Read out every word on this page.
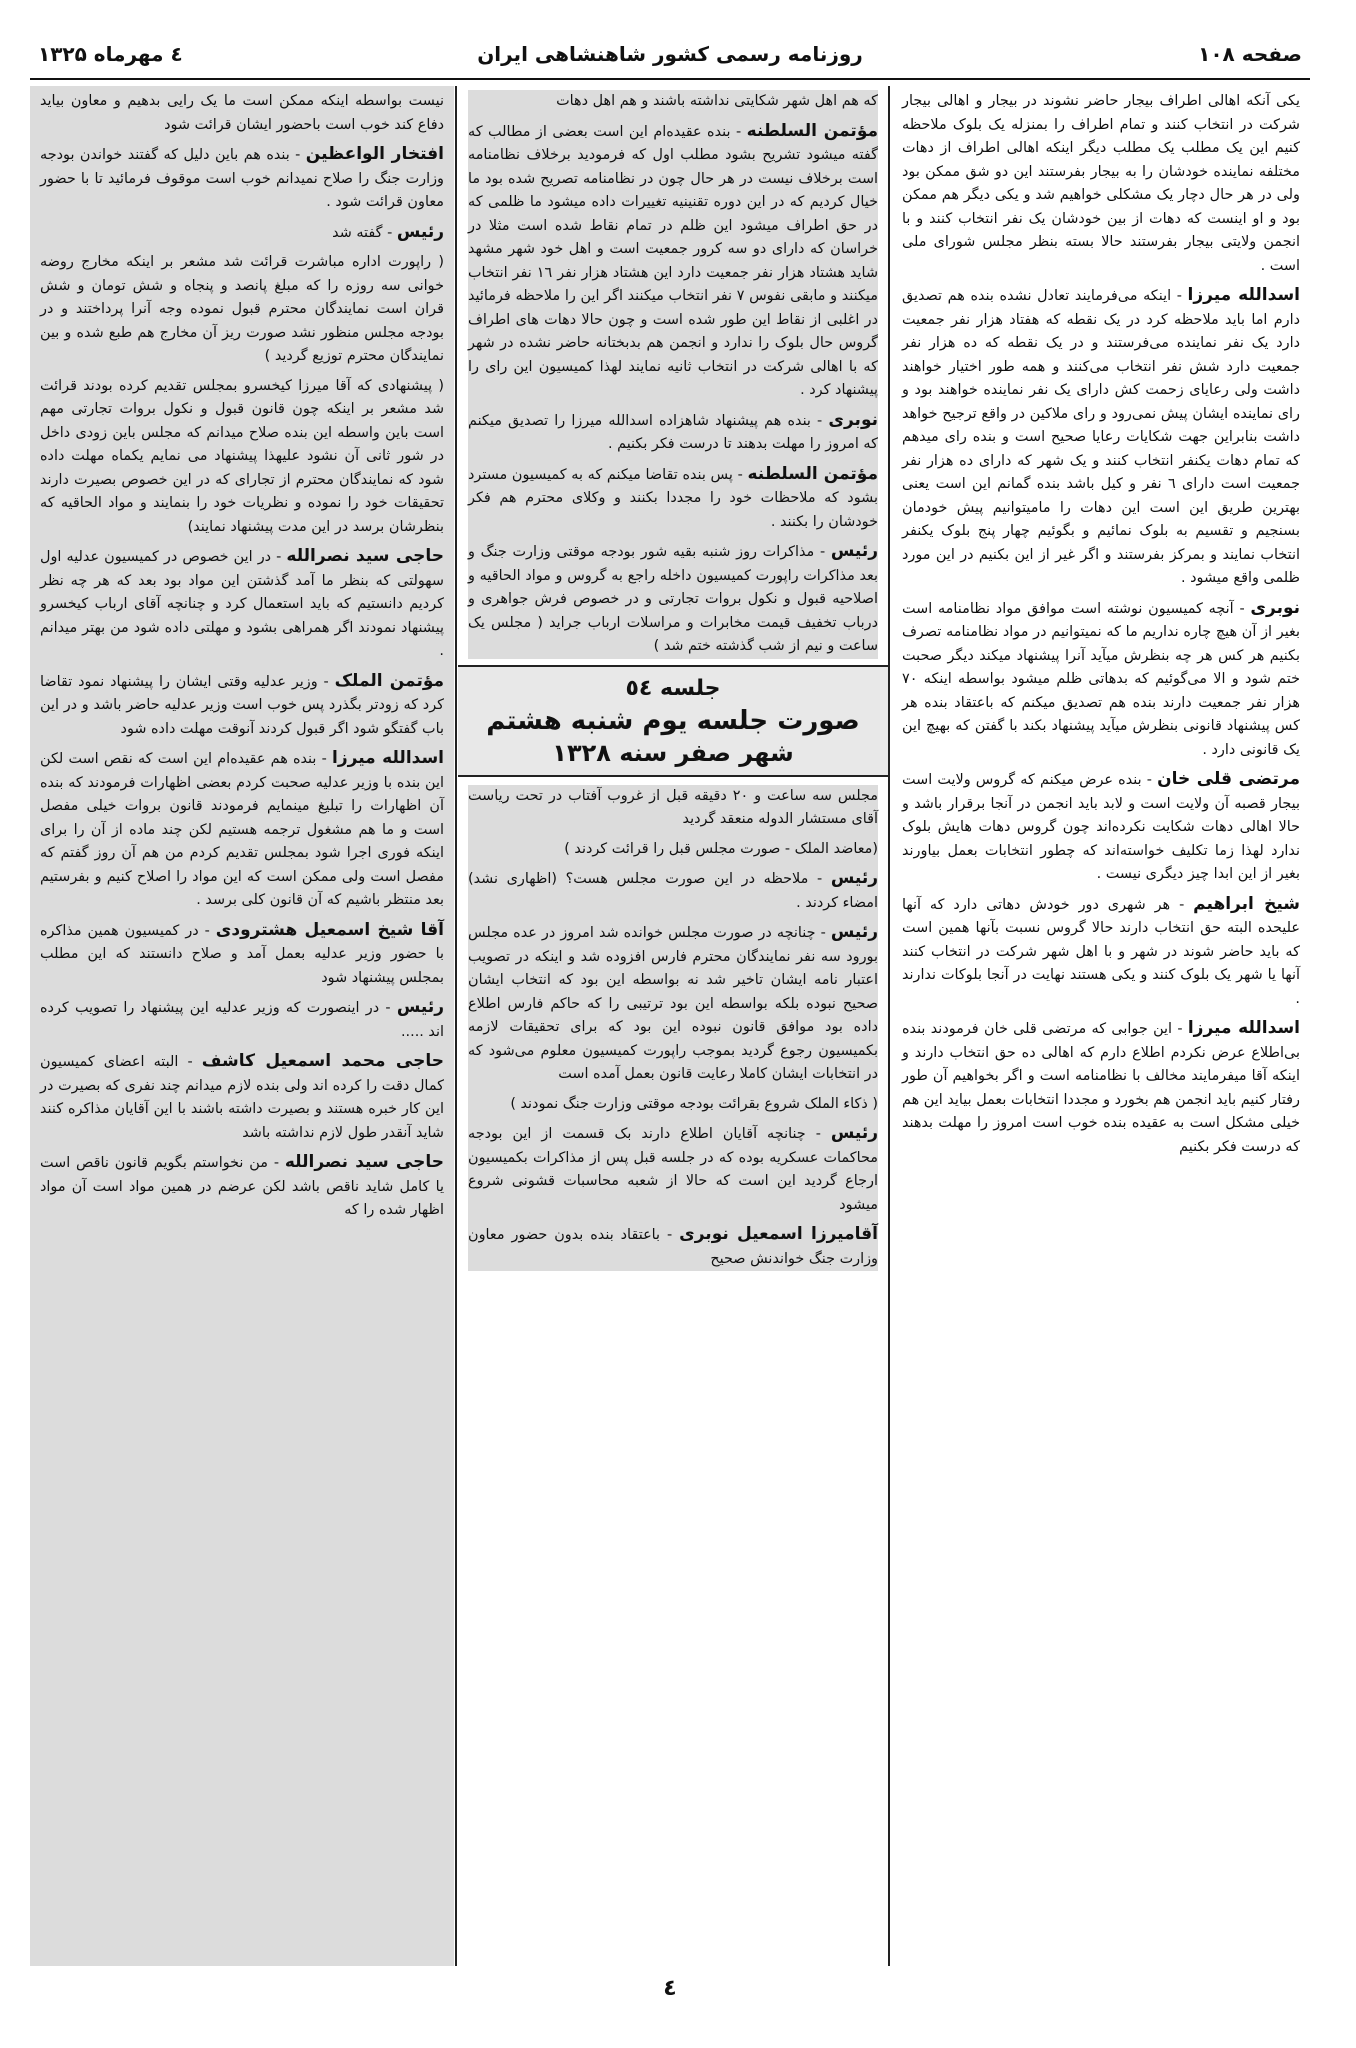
صفحه ۱۰۸
روزنامه رسمی کشور شاهنشاهی ایران
٤ مهرماه ۱۳۲۵

یکی آنکه اهالی اطراف بیجار حاضر نشوند در بیجار و اهالی بیجار شرکت در انتخاب کنند و تمام اطراف را بمنزله یک بلوک ملاحظه کنیم این یک مطلب یک مطلب دیگر اینکه اهالی اطراف از دهات مختلفه نماینده خودشان را به بیجار بفرستند این دو شق ممکن بود ولی در هر حال دچار یک مشکلی خواهیم شد و یکی دیگر هم ممکن بود و او اینست که دهات از بین خودشان یک نفر انتخاب کنند و با انجمن ولایتی بیجار بفرستند حالا بسته بنظر مجلس شورای ملی است .

اسدالله میرزا - اینکه می‌فرمایند تعادل نشده بنده هم تصدیق دارم اما باید ملاحظه کرد در یک نقطه که هفتاد هزار نفر جمعیت دارد یک نفر نماینده می‌فرستند و در یک نقطه که ده هزار نفر جمعیت دارد شش نفر انتخاب می‌کنند و همه طور اختیار خواهند داشت ولی رعایای زحمت کش دارای یک نفر نماینده خواهند بود و رای نماینده ایشان پیش نمی‌رود و رای ملاکین در واقع ترجیح خواهد داشت بنابراین جهت شکایات رعایا صحیح است و بنده رای میدهم که تمام دهات یکنفر انتخاب کنند و یک شهر که دارای ده هزار نفر جمعیت است دارای ٦ نفر و کیل باشد بنده گمانم این است یعنی بهترین طریق این است این دهات را مامیتوانیم پیش خودمان بسنجیم و تقسیم به بلوک نمائیم و بگوئیم چهار پنج بلوک یکنفر انتخاب نمایند و بمرکز بفرستند و اگر غیر از این بکنیم در این مورد ظلمی واقع میشود .

نوبری - آنچه کمیسیون نوشته است موافق مواد نظامنامه است بغیر از آن هیچ چاره نداریم ما که نمیتوانیم در مواد نظامنامه تصرف بکنیم هر کس هر چه بنظرش میآید آنرا پیشنهاد میکند دیگر صحبت ختم شود و الا می‌گوئیم که بدهاتی ظلم میشود بواسطه اینکه ۷۰ هزار نفر جمعیت دارند بنده هم تصدیق میکنم که باعتقاد بنده هر کس پیشنهاد قانونی بنظرش میآید پیشنهاد بکند با گفتن که بهیچ این یک قانونی دارد .

مرتضی قلی خان - بنده عرض میکنم که گروس ولایت است بیجار قصبه آن ولایت است و لابد باید انجمن در آنجا برقرار باشد و حالا اهالی دهات شکایت نکرده‌اند چون گروس دهات هایش بلوک ندارد لهذا زما تکلیف خواسته‌اند که چطور انتخابات بعمل بیاورند بغیر از این ابدا چیز دیگری نیست .

شیخ ابراهیم - هر شهری دور خودش دهاتی دارد که آنها علیحده البته حق انتخاب دارند حالا گروس نسبت بآنها همین است که باید حاضر شوند در شهر و با اهل شهر شرکت در انتخاب کنند آنها یا شهر یک بلوک کنند و یکی هستند نهایت در آنجا بلوکات ندارند .

اسدالله میرزا - این جوابی که مرتضی قلی خان فرمودند بنده بی‌اطلاع عرض نکردم اطلاع دارم که اهالی ده حق انتخاب دارند و اینکه آقا میفرمایند مخالف با نظامنامه است و اگر بخواهیم آن طور رفتار کنیم باید انجمن هم بخورد و مجددا انتخابات بعمل بیاید این هم خیلی مشکل است به عقیده بنده خوب است امروز را مهلت بدهند که درست فکر بکنیم

که هم اهل شهر شکایتی نداشته باشند و هم اهل دهات

مؤتمن السلطنه - بنده عقیده‌ام این است بعضی از مطالب که گفته میشود تشریح بشود مطلب اول که فرمودید برخلاف نظامنامه است برخلاف نیست در هر حال چون در نظامنامه تصریح شده بود ما خیال کردیم که در این دوره تقنینیه تغییرات داده میشود ما ظلمی که در حق اطراف میشود این ظلم در تمام نقاط شده است مثلا در خراسان که دارای دو سه کرور جمعیت است و اهل خود شهر مشهد شاید هشتاد هزار نفر جمعیت دارد این هشتاد هزار نفر ۱٦ نفر انتخاب میکنند و مابقی نفوس ۷ نفر انتخاب میکنند اگر این را ملاحظه فرمائید در اغلبی از نقاط این طور شده است و چون حالا دهات های اطراف گروس حال بلوک را ندارد و انجمن هم بدبختانه حاضر نشده در شهر که با اهالی شرکت در انتخاب ثانیه نمایند لهذا کمیسیون این رای را پیشنهاد کرد .

نوبری - بنده هم پیشنهاد شاهزاده اسدالله میرزا را تصدیق میکنم که امروز را مهلت بدهند تا درست فکر بکنیم .

مؤتمن السلطنه - پس بنده تقاضا میکنم که به کمیسیون مسترد بشود که ملاحظات خود را مجددا بکنند و وکلای محترم هم فکر خودشان را بکنند .

رئیس - مذاکرات روز شنبه بقیه شور بودجه موقتی وزارت جنگ و بعد مذاکرات راپورت کمیسیون داخله راجع به گروس و مواد الحاقیه و اصلاحیه قبول و نکول بروات تجارتی و در خصوص فرش جواهری و درباب تخفیف قیمت مخابرات و مراسلات ارباب جراید ( مجلس یک ساعت و نیم از شب گذشته ختم شد )

جلسه ٥٤
صورت جلسه یوم شنبه هشتم
شهر صفر سنه ۱۳۲۸

مجلس سه ساعت و ۲۰ دقیقه قبل از غروب آفتاب در تحت ریاست آقای مستشار الدوله منعقد گردید

(معاضد الملک - صورت مجلس قبل را قرائت کردند )

رئیس - ملاحظه در این صورت مجلس هست؟ (اظهاری نشد) امضاء کردند .

رئیس - چنانچه در صورت مجلس خوانده شد امروز در عده مجلس بورود سه نفر نمایندگان محترم فارس افزوده شد و اینکه در تصویب اعتبار نامه ایشان تاخیر شد نه بواسطه این بود که انتخاب ایشان صحیح نبوده بلکه بواسطه این بود ترتیبی را که حاکم فارس اطلاع داده بود موافق قانون نبوده این بود که برای تحقیقات لازمه بکمیسیون رجوع گردید بموجب راپورت کمیسیون معلوم می‌شود که در انتخابات ایشان کاملا رعایت قانون بعمل آمده است

( ذکاء الملک شروع بقرائت بودجه موقتی وزارت جنگ نمودند )

رئیس - چنانچه آقایان اطلاع دارند بک قسمت از این بودجه محاکمات عسکریه بوده که در جلسه قبل پس از مذاکرات بکمیسیون ارجاع گردید این است که حالا از شعبه محاسبات قشونی شروع میشود

آقامیرزا اسمعیل نوبری - باعتقاد بنده بدون حضور معاون وزارت جنگ خواندنش صحیح

نیست بواسطه اینکه ممکن است ما یک رایی بدهیم و معاون بیاید دفاع کند خوب است باحضور ایشان قرائت شود

افتخار الواعظین - بنده هم باین دلیل که گفتند خواندن بودجه وزارت جنگ را صلاح نمیدانم خوب است موقوف فرمائید تا با حضور معاون قرائت شود .

رئیس - گفته شد

( راپورت اداره مباشرت قرائت شد مشعر بر اینکه مخارج روضه خوانی سه روزه را که مبلغ پانصد و پنجاه و شش تومان و شش قران است نمایندگان محترم قبول نموده وجه آنرا پرداختند و در بودجه مجلس منظور نشد صورت ریز آن مخارج هم طبع شده و بین نمایندگان محترم توزیع گردید )

( پیشنهادی که آقا میرزا کیخسرو بمجلس تقدیم کرده بودند قرائت شد مشعر بر اینکه چون قانون قبول و نکول بروات تجارتی مهم است باین واسطه این بنده صلاح میدانم که مجلس باین زودی داخل در شور ثانی آن نشود علیهذا پیشنهاد می نمایم یکماه مهلت داده شود که نمایندگان محترم از تجارای که در این خصوص بصیرت دارند تحقیقات خود را نموده و نظریات خود را بنمایند و مواد الحاقیه که بنظرشان برسد در این مدت پیشنهاد نمایند)

حاجی سید نصرالله - در این خصوص در کمیسیون عدلیه اول سهولتی که بنظر ما آمد گذشتن این مواد بود بعد که هر چه نظر کردیم دانستیم که باید استعمال کرد و چنانچه آقای ارباب کیخسرو پیشنهاد نمودند اگر همراهی بشود و مهلتی داده شود من بهتر میدانم .

مؤتمن الملک - وزیر عدلیه وقتی ایشان را پیشنهاد نمود تقاضا کرد که زودتر بگذرد پس خوب است وزیر عدلیه حاضر باشد و در این باب گفتگو شود اگر قبول کردند آنوقت مهلت داده شود

اسدالله میرزا - بنده هم عقیده‌ام این است که نقص است لکن این بنده با وزیر عدلیه صحبت کردم بعضی اظهارات فرمودند که بنده آن اظهارات را تبلیغ مینمایم فرمودند قانون بروات خیلی مفصل است و ما هم مشغول ترجمه هستیم لکن چند ماده از آن را برای اینکه فوری اجرا شود بمجلس تقدیم کردم من هم آن روز گفتم که مفصل است ولی ممکن است که این مواد را اصلاح کنیم و بفرستیم بعد منتظر باشیم که آن قانون کلی برسد .

آقا شیخ اسمعیل هشترودی - در کمیسیون همین مذاکره با حضور وزیر عدلیه بعمل آمد و صلاح دانستند که این مطلب بمجلس پیشنهاد شود

رئیس - در اینصورت که وزیر عدلیه این پیشنهاد را تصویب کرده اند .....

حاجی محمد اسمعیل کاشف - البته اعضای کمیسیون کمال دقت را کرده اند ولی بنده لازم میدانم چند نفری که بصیرت در این کار خبره هستند و بصیرت داشته باشند با این آقایان مذاکره کنند شاید آنقدر طول لازم نداشته باشد

حاجی سید نصرالله - من نخواستم بگویم قانون ناقص است یا کامل شاید ناقص باشد لکن عرضم در همین مواد است آن مواد اظهار شده را که

٤
